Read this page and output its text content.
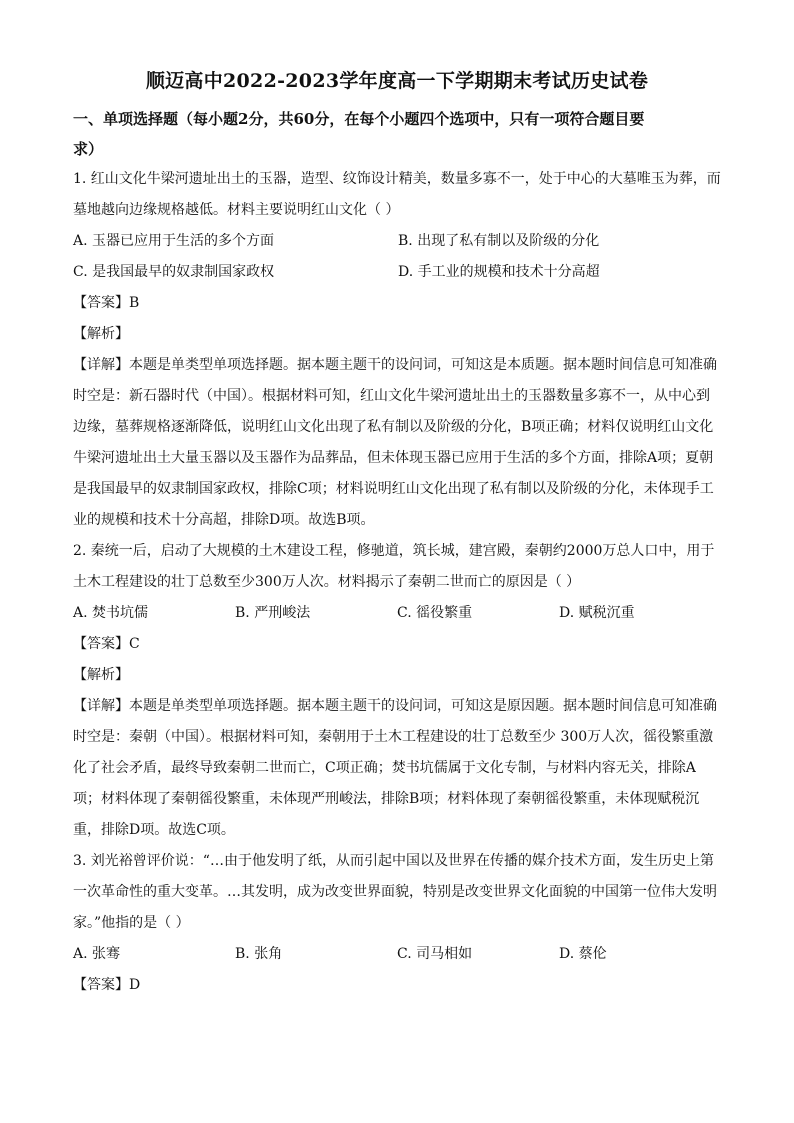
顺迈高中2022-2023学年度高一下学期期末考试历史试卷

一、单项选择题（每小题2分，共60分，在每个小题四个选项中，只有一项符合题目要

求）

1. 红山文化牛梁河遗址出土的玉器，造型、纹饰设计精美，数量多寡不一，处于中心的大墓唯玉为葬，而

墓地越向边缘规格越低。材料主要说明红山文化（ ）

A. 玉器已应用于生活的多个方面	B. 出现了私有制以及阶级的分化
C. 是我国最早的奴隶制国家政权	D. 手工业的规模和技术十分高超

【答案】B

【解析】

【详解】本题是单类型单项选择题。据本题主题干的设问词，可知这是本质题。据本题时间信息可知准确

时空是：新石器时代（中国）。根据材料可知，红山文化牛梁河遗址出土的玉器数量多寡不一，从中心到

边缘，墓葬规格逐渐降低，说明红山文化出现了私有制以及阶级的分化，B项正确；材料仅说明红山文化

牛梁河遗址出土大量玉器以及玉器作为品葬品，但未体现玉器已应用于生活的多个方面，排除A项；夏朝

是我国最早的奴隶制国家政权，排除C项；材料说明红山文化出现了私有制以及阶级的分化，未体现手工

业的规模和技术十分高超，排除D项。故选B项。

2. 秦统一后，启动了大规模的土木建设工程，修驰道，筑长城，建宫殿，秦朝约2000万总人口中，用于

土木工程建设的壮丁总数至少300万人次。材料揭示了秦朝二世而亡的原因是（ ）

A. 焚书坑儒	B. 严刑峻法	C. 徭役繁重	D. 赋税沉重

【答案】C

【解析】

【详解】本题是单类型单项选择题。据本题主题干的设问词，可知这是原因题。据本题时间信息可知准确

时空是：秦朝（中国）。根据材料可知，秦朝用于土木工程建设的壮丁总数至少 300万人次，徭役繁重激

化了社会矛盾，最终导致秦朝二世而亡，C项正确；焚书坑儒属于文化专制，与材料内容无关，排除A

项；材料体现了秦朝徭役繁重，未体现严刑峻法，排除B项；材料体现了秦朝徭役繁重，未体现赋税沉

重，排除D项。故选C项。

3. 刘光裕曾评价说：“…由于他发明了纸，从而引起中国以及世界在传播的媒介技术方面，发生历史上第

一次革命性的重大变革。…其发明，成为改变世界面貌，特别是改变世界文化面貌的中国第一位伟大发明

家。”他指的是（ ）

A. 张骞	B. 张角	C. 司马相如	D. 蔡伦

【答案】D
